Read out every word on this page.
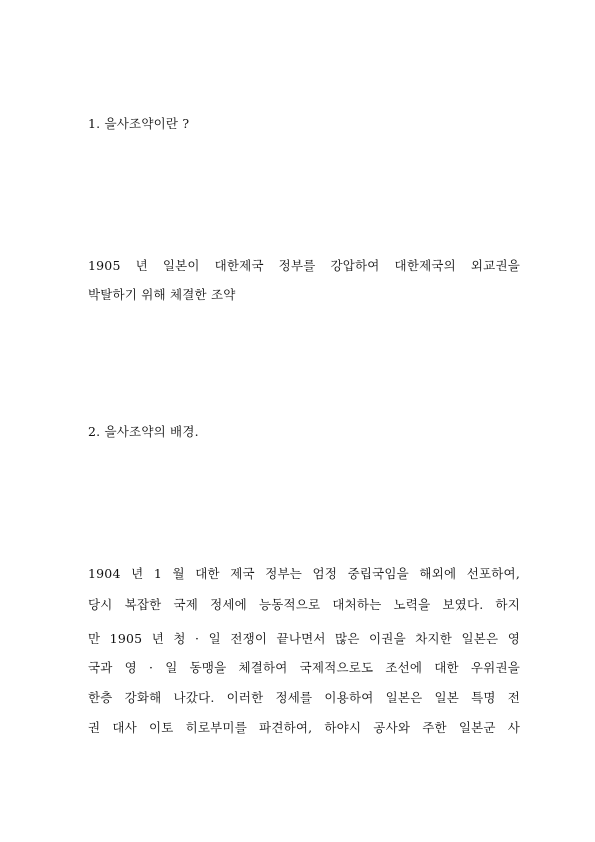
1. 을사조약이란 ?
1905 년 일본이 대한제국 정부를 강압하여 대한제국의 외교권을
박탈하기 위해 체결한 조약
2. 을사조약의 배경.
1904 년 1 월 대한 제국 정부는 엄정 중립국임을 해외에 선포하여,
당시 복잡한 국제 정세에 능동적으로 대처하는 노력을 보였다. 하지
만 1905 년 청 · 일 전쟁이 끝나면서 많은 이권을 차지한 일본은 영
국과 영 · 일 동맹을 체결하여 국제적으로도 조선에 대한 우위권을
한층 강화해 나갔다. 이러한 정세를 이용하여 일본은 일본 특명 전
권 대사 이토 히로부미를 파견하여, 하야시 공사와 주한 일본군 사
